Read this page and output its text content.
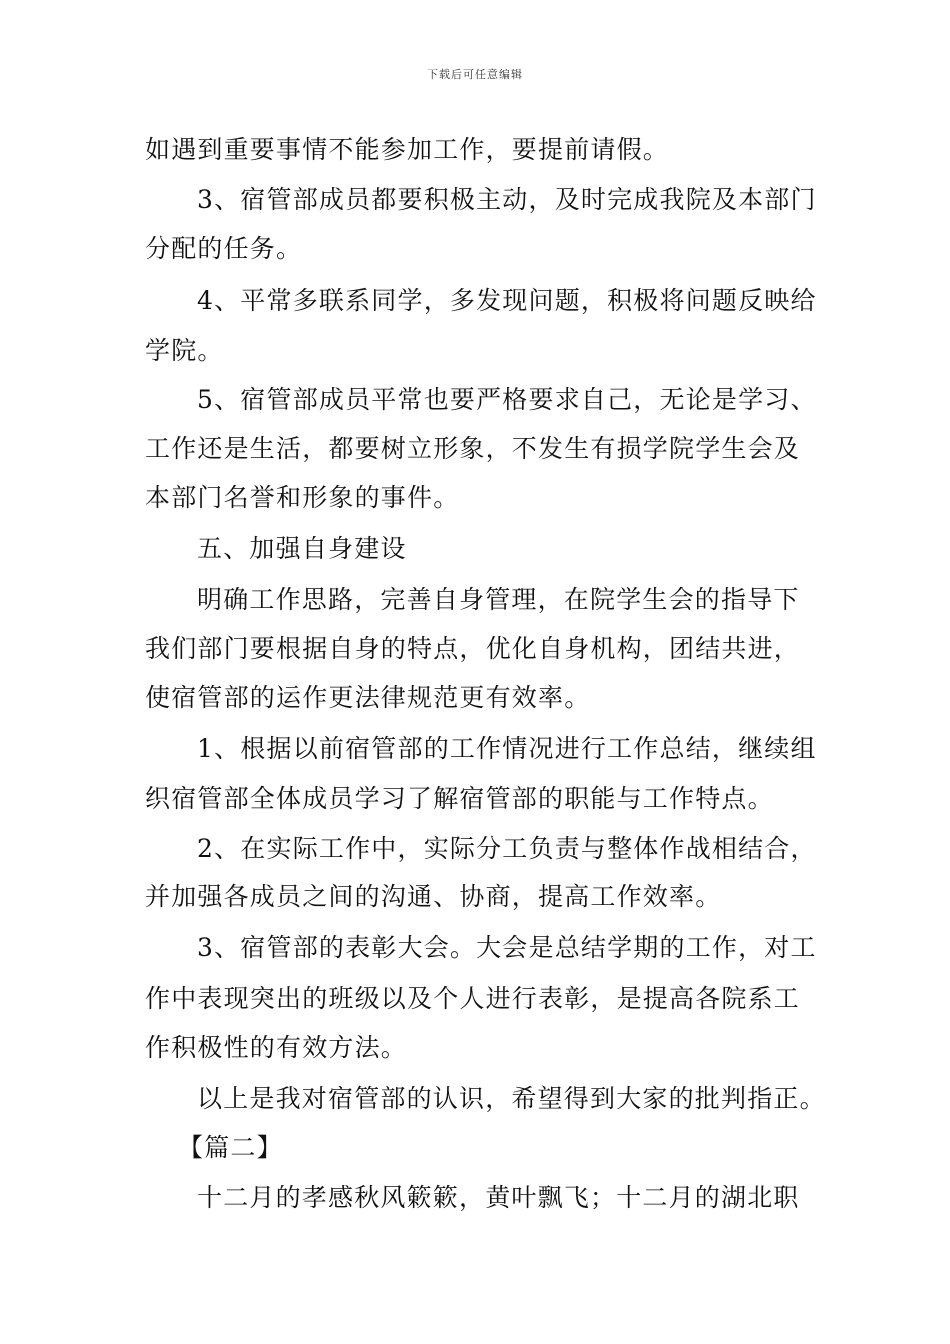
下载后可任意编辑
如遇到重要事情不能参加工作，要提前请假。
3、宿管部成员都要积极主动，及时完成我院及本部门
分配的任务。
4、平常多联系同学，多发现问题，积极将问题反映给
学院。
5、宿管部成员平常也要严格要求自己，无论是学习、
工作还是生活，都要树立形象，不发生有损学院学生会及
本部门名誉和形象的事件。
五、加强自身建设
明确工作思路，完善自身管理，在院学生会的指导下
我们部门要根据自身的特点，优化自身机构，团结共进，
使宿管部的运作更法律规范更有效率。
1、根据以前宿管部的工作情况进行工作总结，继续组
织宿管部全体成员学习了解宿管部的职能与工作特点。
2、在实际工作中，实际分工负责与整体作战相结合，
并加强各成员之间的沟通、协商，提高工作效率。
3、宿管部的表彰大会。大会是总结学期的工作，对工
作中表现突出的班级以及个人进行表彰，是提高各院系工
作积极性的有效方法。
以上是我对宿管部的认识，希望得到大家的批判指正。
【篇二】
十二月的孝感秋风簌簌，黄叶飘飞；十二月的湖北职
